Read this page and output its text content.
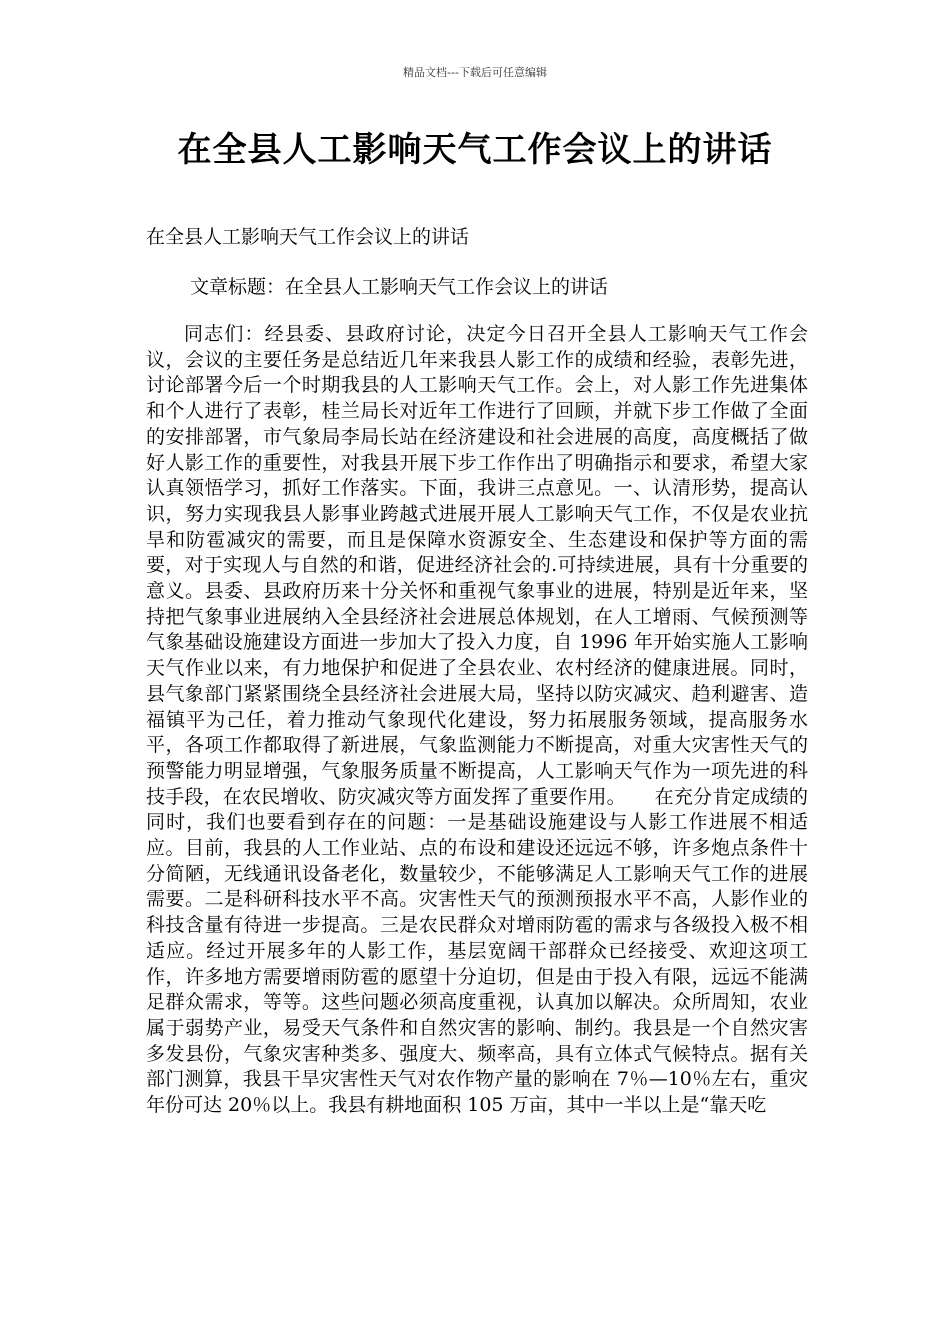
精品文档---下载后可任意编辑
在全县人工影响天气工作会议上的讲话

在全县人工影响天气工作会议上的讲话

文章标题：在全县人工影响天气工作会议上的讲话

同志们：经县委、县政府讨论，决定今日召开全县人工影响天气工作会议，会议的主要任务是总结近几年来我县人影工作的成绩和经验，表彰先进，讨论部署今后一个时期我县的人工影响天气工作。会上，对人影工作先进集体和个人进行了表彰，桂兰局长对近年工作进行了回顾，并就下步工作做了全面的安排部署，市气象局李局长站在经济建设和社会进展的高度，高度概括了做好人影工作的重要性，对我县开展下步工作作出了明确指示和要求，希望大家认真领悟学习，抓好工作落实。下面，我讲三点意见。一、认清形势，提高认识，努力实现我县人影事业跨越式进展开展人工影响天气工作，不仅是农业抗旱和防雹减灾的需要，而且是保障水资源安全、生态建设和保护等方面的需要，对于实现人与自然的和谐，促进经济社会的.可持续进展，具有十分重要的意义。县委、县政府历来十分关怀和重视气象事业的进展，特别是近年来，坚持把气象事业进展纳入全县经济社会进展总体规划，在人工增雨、气候预测等气象基础设施建设方面进一步加大了投入力度，自 1996 年开始实施人工影响天气作业以来，有力地保护和促进了全县农业、农村经济的健康进展。同时，县气象部门紧紧围绕全县经济社会进展大局，坚持以防灾减灾、趋利避害、造福镇平为己任，着力推动气象现代化建设，努力拓展服务领域，提高服务水平，各项工作都取得了新进展，气象监测能力不断提高，对重大灾害性天气的预警能力明显增强，气象服务质量不断提高，人工影响天气作为一项先进的科技手段，在农民增收、防灾减灾等方面发挥了重要作用。　　在充分肯定成绩的同时，我们也要看到存在的问题：一是基础设施建设与人影工作进展不相适应。目前，我县的人工作业站、点的布设和建设还远远不够，许多炮点条件十分简陋，无线通讯设备老化，数量较少，不能够满足人工影响天气工作的进展需要。二是科研科技水平不高。灾害性天气的预测预报水平不高，人影作业的科技含量有待进一步提高。三是农民群众对增雨防雹的需求与各级投入极不相适应。经过开展多年的人影工作，基层宽阔干部群众已经接受、欢迎这项工作，许多地方需要增雨防雹的愿望十分迫切，但是由于投入有限，远远不能满足群众需求，等等。这些问题必须高度重视，认真加以解决。众所周知，农业属于弱势产业，易受天气条件和自然灾害的影响、制约。我县是一个自然灾害多发县份，气象灾害种类多、强度大、频率高，具有立体式气候特点。据有关部门测算，我县干旱灾害性天气对农作物产量的影响在 7％—10％左右，重灾年份可达 20％以上。我县有耕地面积 105 万亩，其中一半以上是“靠天吃
